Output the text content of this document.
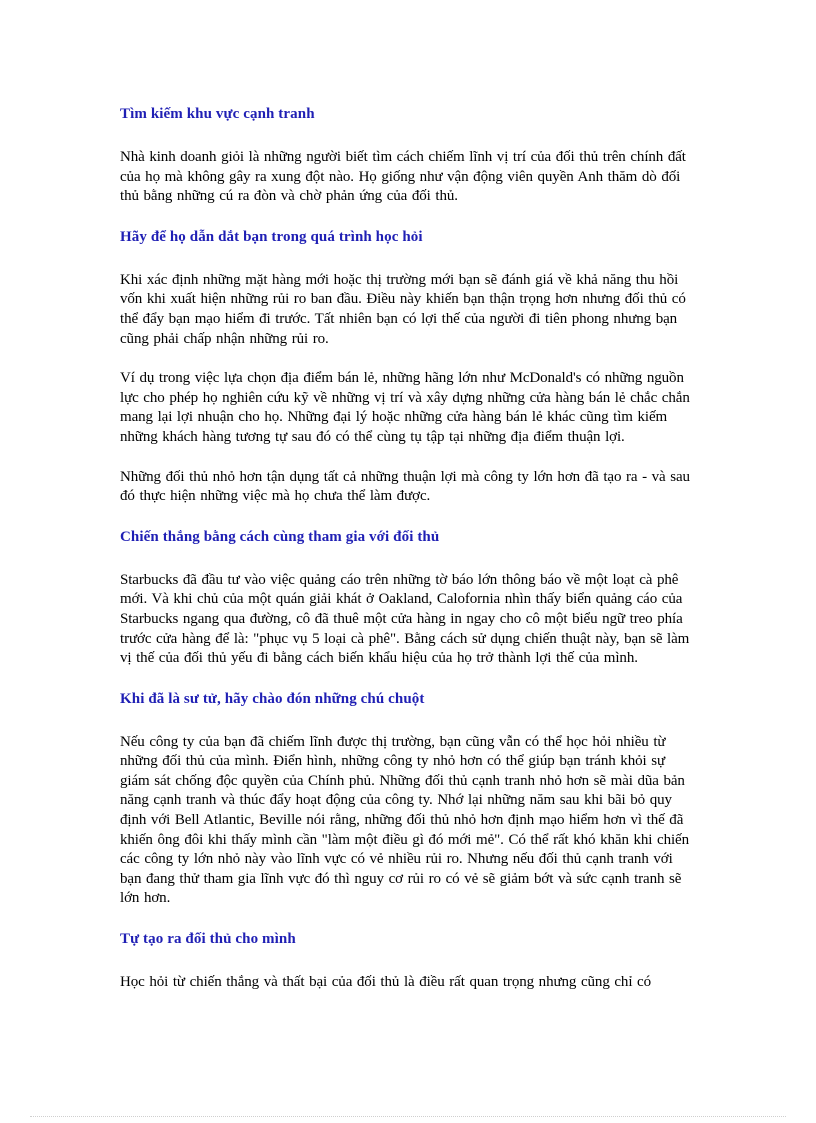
Tìm kiếm khu vực cạnh tranh

Nhà kinh doanh giỏi là những người biết tìm cách chiếm lĩnh vị trí của đối thủ trên chính đất của họ mà không gây ra xung đột nào. Họ giống như vận động viên quyền Anh thăm dò đối thủ bằng những cú ra đòn và chờ phản ứng của đối thủ.

Hãy để họ dẫn dắt bạn trong quá trình học hỏi

Khi xác định những mặt hàng mới hoặc thị trường mới bạn sẽ đánh giá về khả năng thu hồi vốn khi xuất hiện những rủi ro ban đầu. Điều này khiến bạn thận trọng hơn nhưng đối thủ có thể đẩy bạn mạo hiểm đi trước. Tất nhiên bạn có lợi thế của người đi tiên phong nhưng bạn cũng phải chấp nhận những rủi ro.

Ví dụ trong việc lựa chọn địa điểm bán lẻ, những hãng lớn như McDonald's có những nguồn lực cho phép họ nghiên cứu kỹ về những vị trí và xây dựng những cửa hàng bán lẻ chắc chắn mang lại lợi nhuận cho họ. Những đại lý hoặc những cửa hàng bán lẻ khác cũng tìm kiếm những khách hàng tương tự sau đó có thể cùng tụ tập tại những địa điểm thuận lợi.

Những đối thủ nhỏ hơn tận dụng tất cả những thuận lợi mà công ty lớn hơn đã tạo ra - và sau đó thực hiện những việc mà họ chưa thể làm được.

Chiến thắng bằng cách cùng tham gia với đối thủ

Starbucks đã đầu tư vào việc quảng cáo trên những tờ báo lớn thông báo về một loạt cà phê mới. Và khi chủ của một quán giải khát ở Oakland, Calofornia nhìn thấy biển quảng cáo của Starbucks ngang qua đường, cô đã thuê một cửa hàng in ngay cho cô một biểu ngữ treo phía trước cửa hàng để là: "phục vụ 5 loại cà phê". Bằng cách sử dụng chiến thuật này, bạn sẽ làm vị thế của đối thủ yếu đi bằng cách biến khẩu hiệu của họ trở thành lợi thế của mình.

Khi đã là sư tử, hãy chào đón những chú chuột

Nếu công ty của bạn đã chiếm lĩnh được thị trường, bạn cũng vẫn có thể học hỏi nhiều từ những đối thủ của mình. Điển hình, những công ty nhỏ hơn có thể giúp bạn tránh khỏi sự giám sát chống độc quyền của Chính phủ. Những đối thủ cạnh tranh nhỏ hơn sẽ mài dũa bản năng cạnh tranh và thúc đẩy hoạt động của công ty. Nhớ lại những năm sau khi bãi bỏ quy định với Bell Atlantic, Beville nói rằng, những đối thủ nhỏ hơn định mạo hiểm hơn vì thế đã khiến ông đôi khi thấy mình cần "làm một điều gì đó mới mẻ". Có thể rất khó khăn khi chiến các công ty lớn nhỏ này vào lĩnh vực có vẻ nhiều rủi ro. Nhưng nếu đối thủ cạnh tranh với bạn đang thử tham gia lĩnh vực đó thì nguy cơ rủi ro có vẻ sẽ giảm bớt và sức cạnh tranh sẽ lớn hơn.

Tự tạo ra đối thủ cho mình

Học hỏi từ chiến thắng và thất bại của đối thủ là điều rất quan trọng nhưng cũng chỉ có
